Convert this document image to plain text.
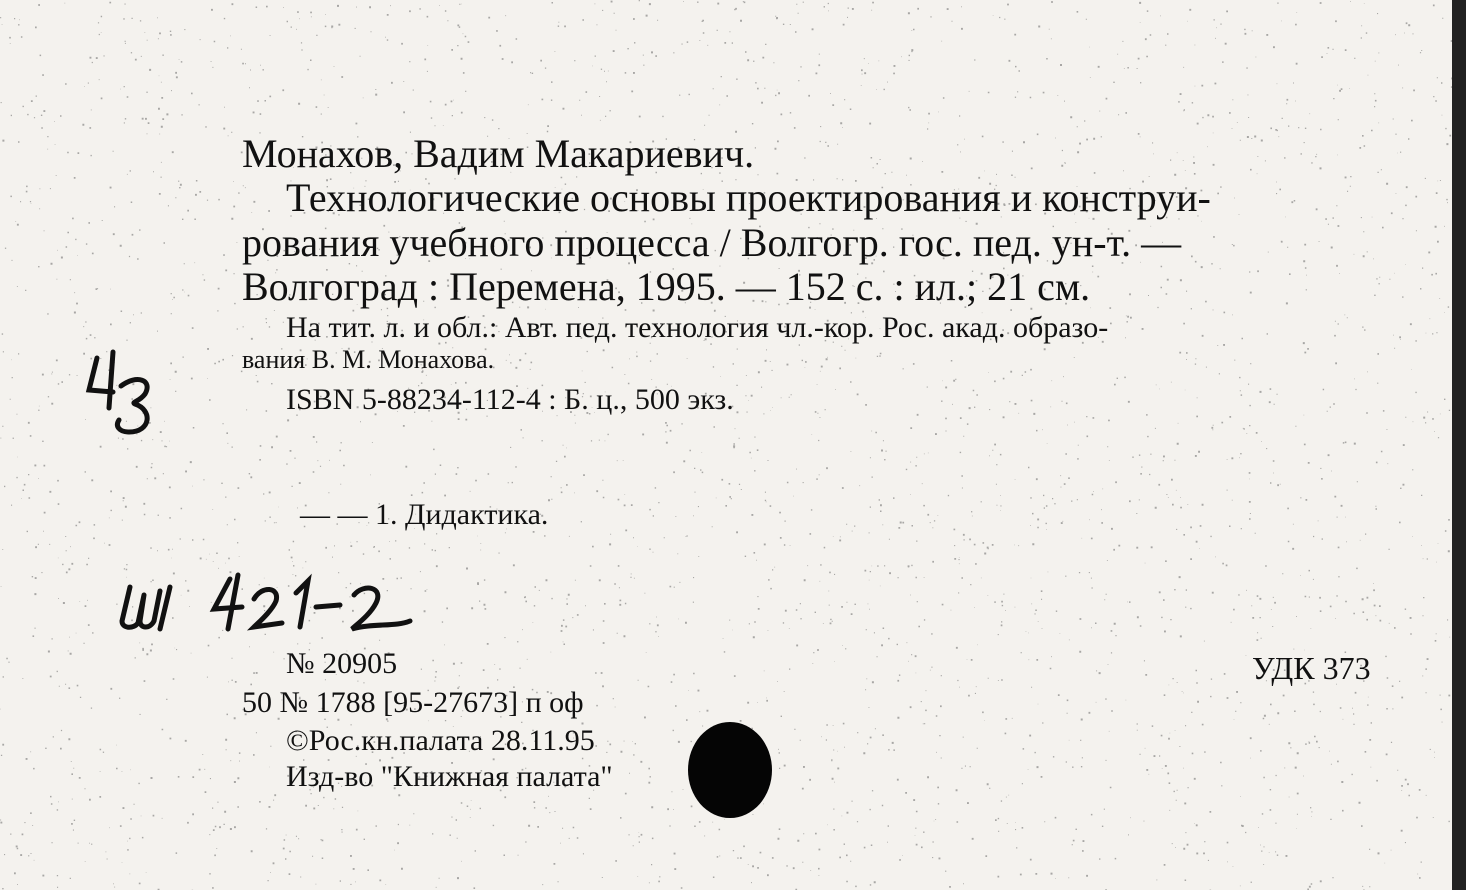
Монахов, Вадим Макариевич.
Технологические основы проектирования и конструи-
рования учебного процесса / Волгогр. гос. пед. ун-т. —
Волгоград : Перемена, 1995. — 152 с. : ил.; 21 см.
На тит. л. и обл.: Авт. пед. технология чл.-кор. Рос. акад. образо-
вания В. М. Монахова.
ISBN 5-88234-112-4 : Б. ц., 500 экз.
— — 1. Дидактика.
№ 20905	УДК 373
50 № 1788 [95-27673] п оф
©Рос.кн.палата 28.11.95
Изд-во "Книжная палата"
